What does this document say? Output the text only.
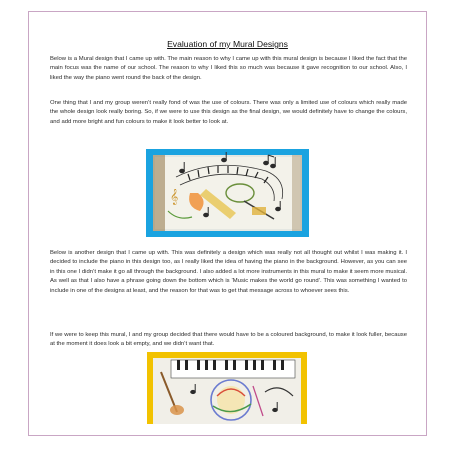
Evaluation of my Mural Designs

Below is a Mural design that I came up with. The main reason to why I came up with this mural design is because I liked the fact that the main focus was the name of our school. The reason to why I liked this so much was because it gave recognition to our school. Also, I liked the way the piano went round the back of the design.

One thing that I and my group weren’t really fond of was the use of colours. There was only a limited use of colours which really made the whole design look really boring. So, if we were to use this design as the final design, we would definitely have to change the colours, and add more bright and fun colours to make it look better to look at.

𝄞

Below is another design that I came up with. This was definitely a design which was really not all thought out whilst I was making it. I decided to include the piano in this design too, as I really liked the idea of having the piano in the background. However, as you can see in this one I didn’t make it go all through the background. I also added a lot more instruments in this mural to make it seem more musical. As well as that I also have a phrase going down the bottom which is ‘Music makes the world go round’. This was something I wanted to include in one of the designs at least, and the reason for that was to get that message across to whoever sees this.

If we were to keep this mural, I and my group decided that there would have to be a coloured background, to make it look fuller, because at the moment it does look a bit empty, and we didn’t want that.
